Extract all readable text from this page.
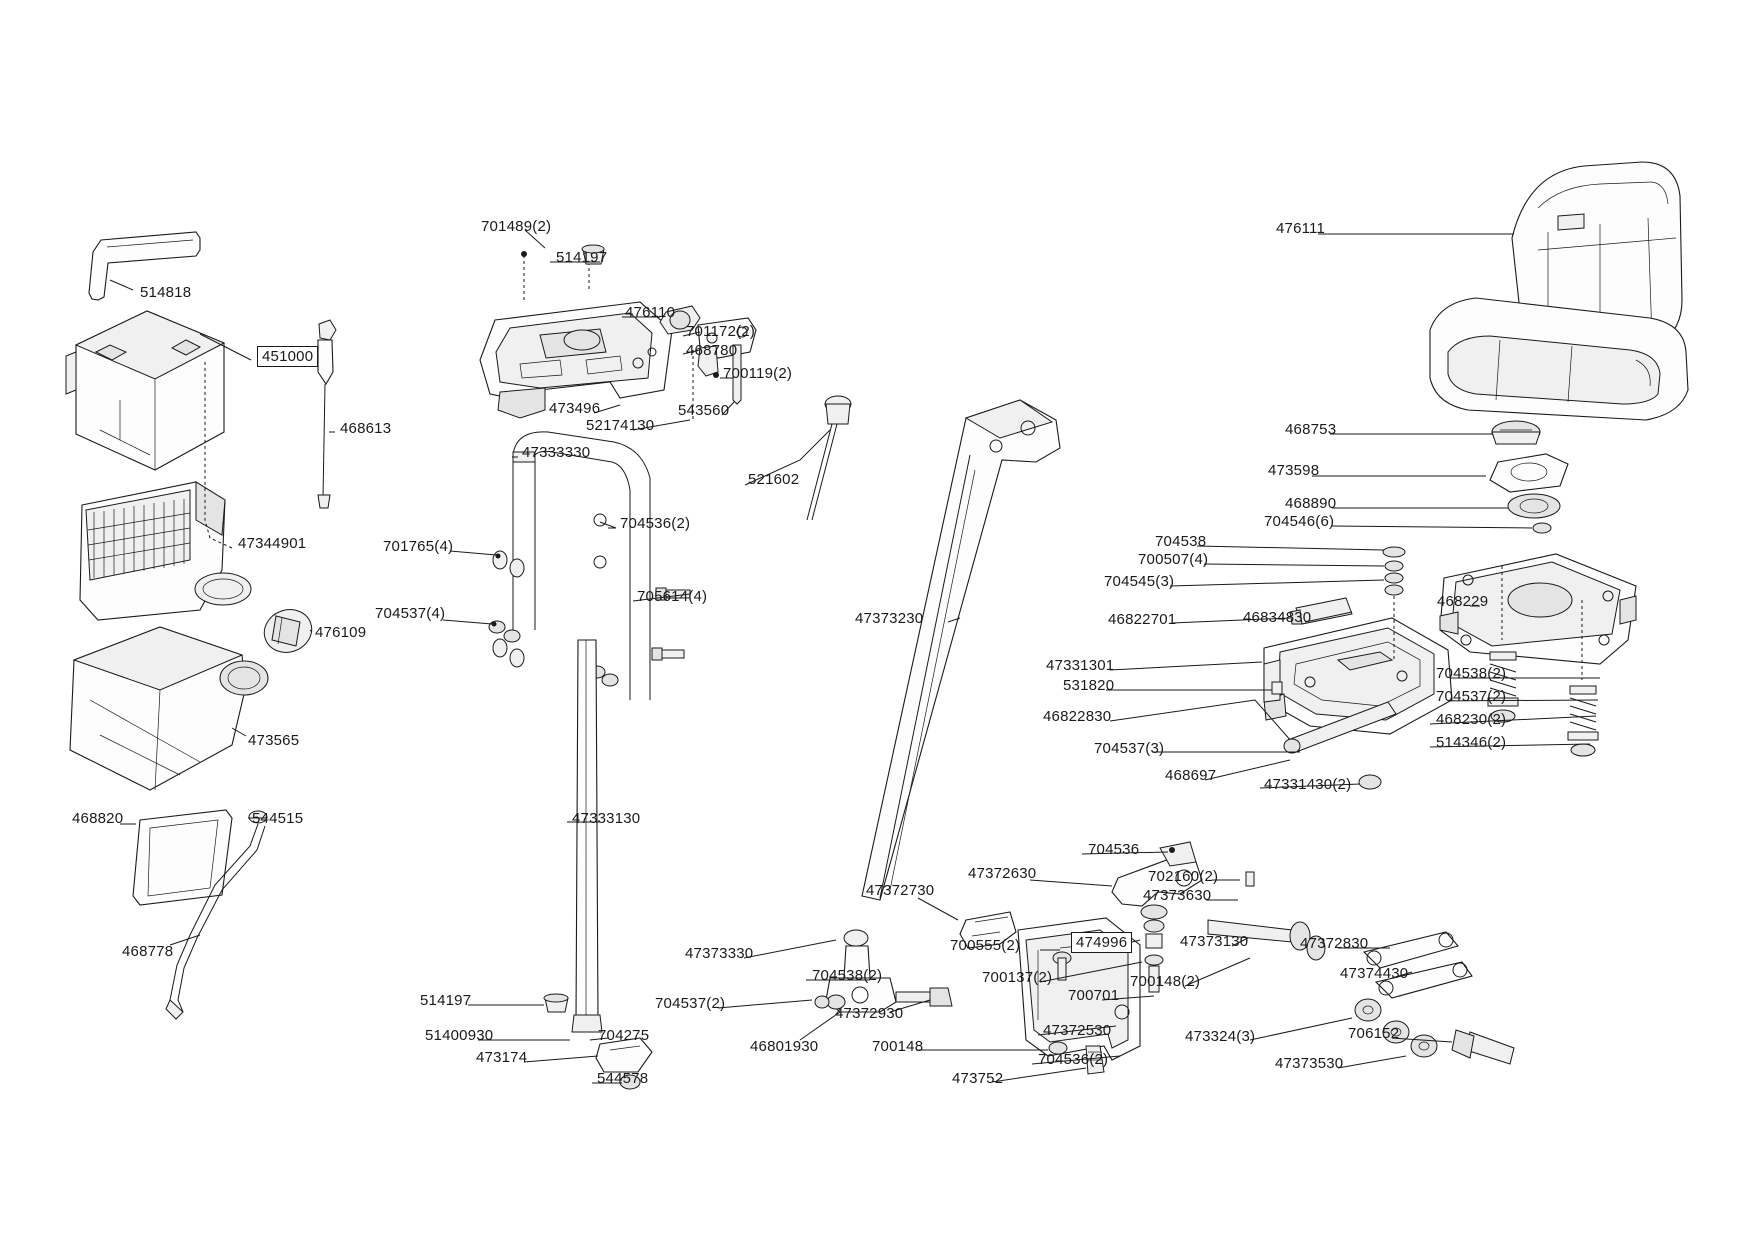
514818
451000
468613
47344901
476109
473565
468820	544515
468778
701489(2)
514197
476110
701172(2)
468780
700119(2)
543560
473496
52174130
47333330
521602
704536(2)
701765(4)
705614(4)
704537(4)	47373230
47333130
514197
51400930	704275
473174
544578
47373330
704538(2)
704537(2)
47372930
46801930
47372730
700555(2)
700137(2)
700701
700148
473752
704536(2)
47372530
47372630
704536
702160(2)
47373630
474996	47373130
700148(2)
473324(3)
47372830
47374430
706152
47373530
476111
468753
473598
468890
704546(6)
704538
700507(4)
704545(3)
46822701	46834830
468229
47331301
531820
46822830
704537(3)
468697
47331430(2)
704538(2)
704537(2)
468230(2)
514346(2)
